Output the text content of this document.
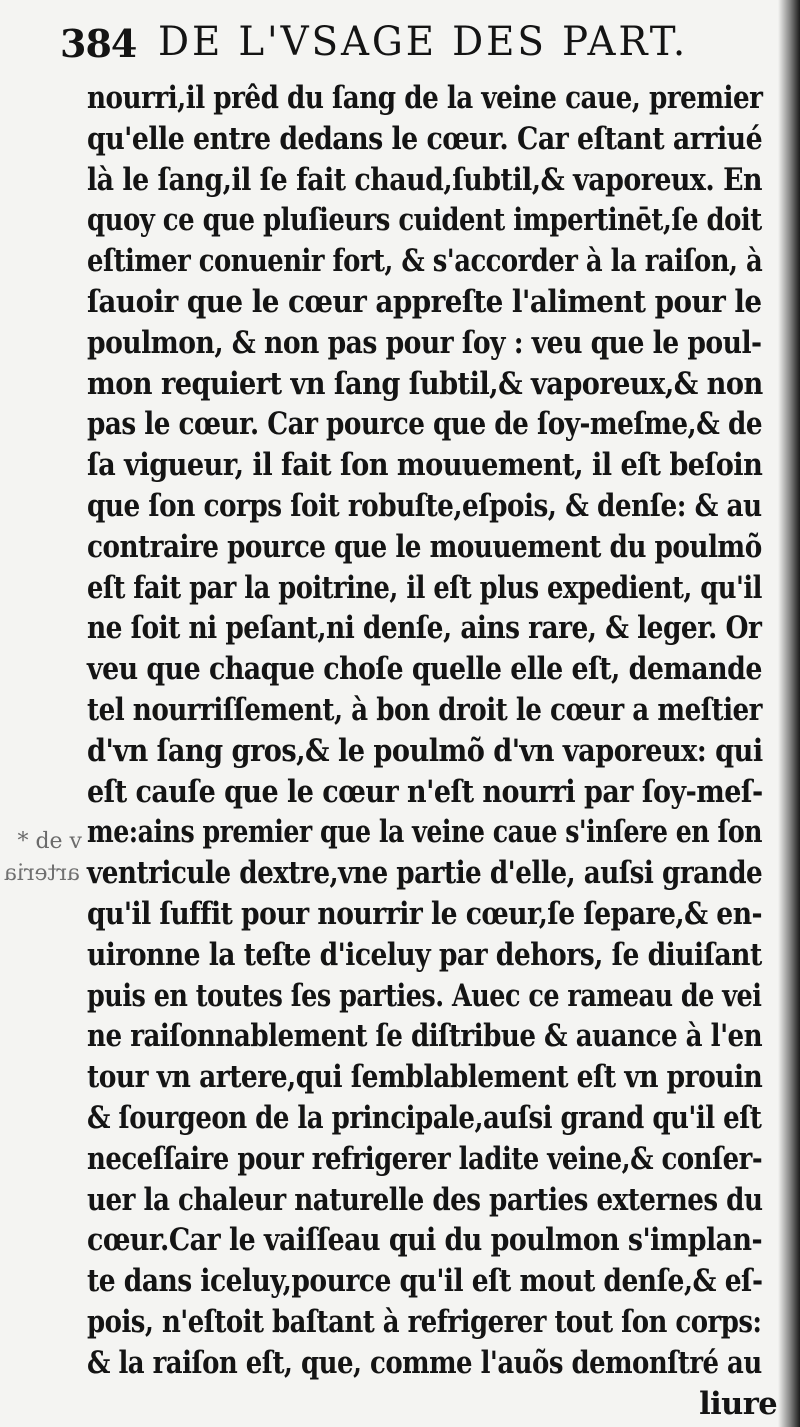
384 DE L'VSAGE DES PART.
* de v
arteria
nourri,il prêd du ſang de la veine caue, premier
qu'elle entre dedans le cœur. Car eſtant arriué
là le ſang,il ſe fait chaud,ſubtil,& vaporeux. En
quoy ce que pluſieurs cuident impertinēt,ſe doit
eſtimer conuenir fort, & s'accorder à la raiſon, à
ſauoir que le cœur appreſte l'aliment pour le
poulmon, & non pas pour ſoy : veu que le poul-
mon requiert vn ſang ſubtil,& vaporeux,& non
pas le cœur. Car pource que de ſoy-meſme,& de
ſa vigueur, il fait ſon mouuement, il eſt beſoin
que ſon corps ſoit robuſte,eſpois, & denſe: & au
contraire pource que le mouuement du poulmõ
eſt fait par la poitrine, il eſt plus expedient, qu'il
ne ſoit ni peſant,ni denſe, ains rare, & leger. Or
veu que chaque choſe quelle elle eſt, demande
tel nourriſſement, à bon droit le cœur a meſtier
d'vn ſang gros,& le poulmõ d'vn vaporeux: qui
eſt cauſe que le cœur n'eſt nourri par ſoy-meſ-
me:ains premier que la veine caue s'inſere en ſon
ventricule dextre,vne partie d'elle, auſsi grande
qu'il ſuffit pour nourrir le cœur,ſe ſepare,& en-
uironne la teſte d'iceluy par dehors, ſe diuiſant
puis en toutes ſes parties. Auec ce rameau de vei
ne raiſonnablement ſe diſtribue & auance à l'en
tour vn artere,qui ſemblablement eſt vn prouin
& ſourgeon de la principale,auſsi grand qu'il eſt
neceſſaire pour refrigerer ladite veine,& conſer-
uer la chaleur naturelle des parties externes du
cœur.Car le vaiſſeau qui du poulmon s'implan-
te dans iceluy,pource qu'il eſt mout denſe,& eſ-
pois, n'eſtoit baſtant à refrigerer tout ſon corps:
& la raiſon eſt, que, comme l'auõs demonſtré au
liure
